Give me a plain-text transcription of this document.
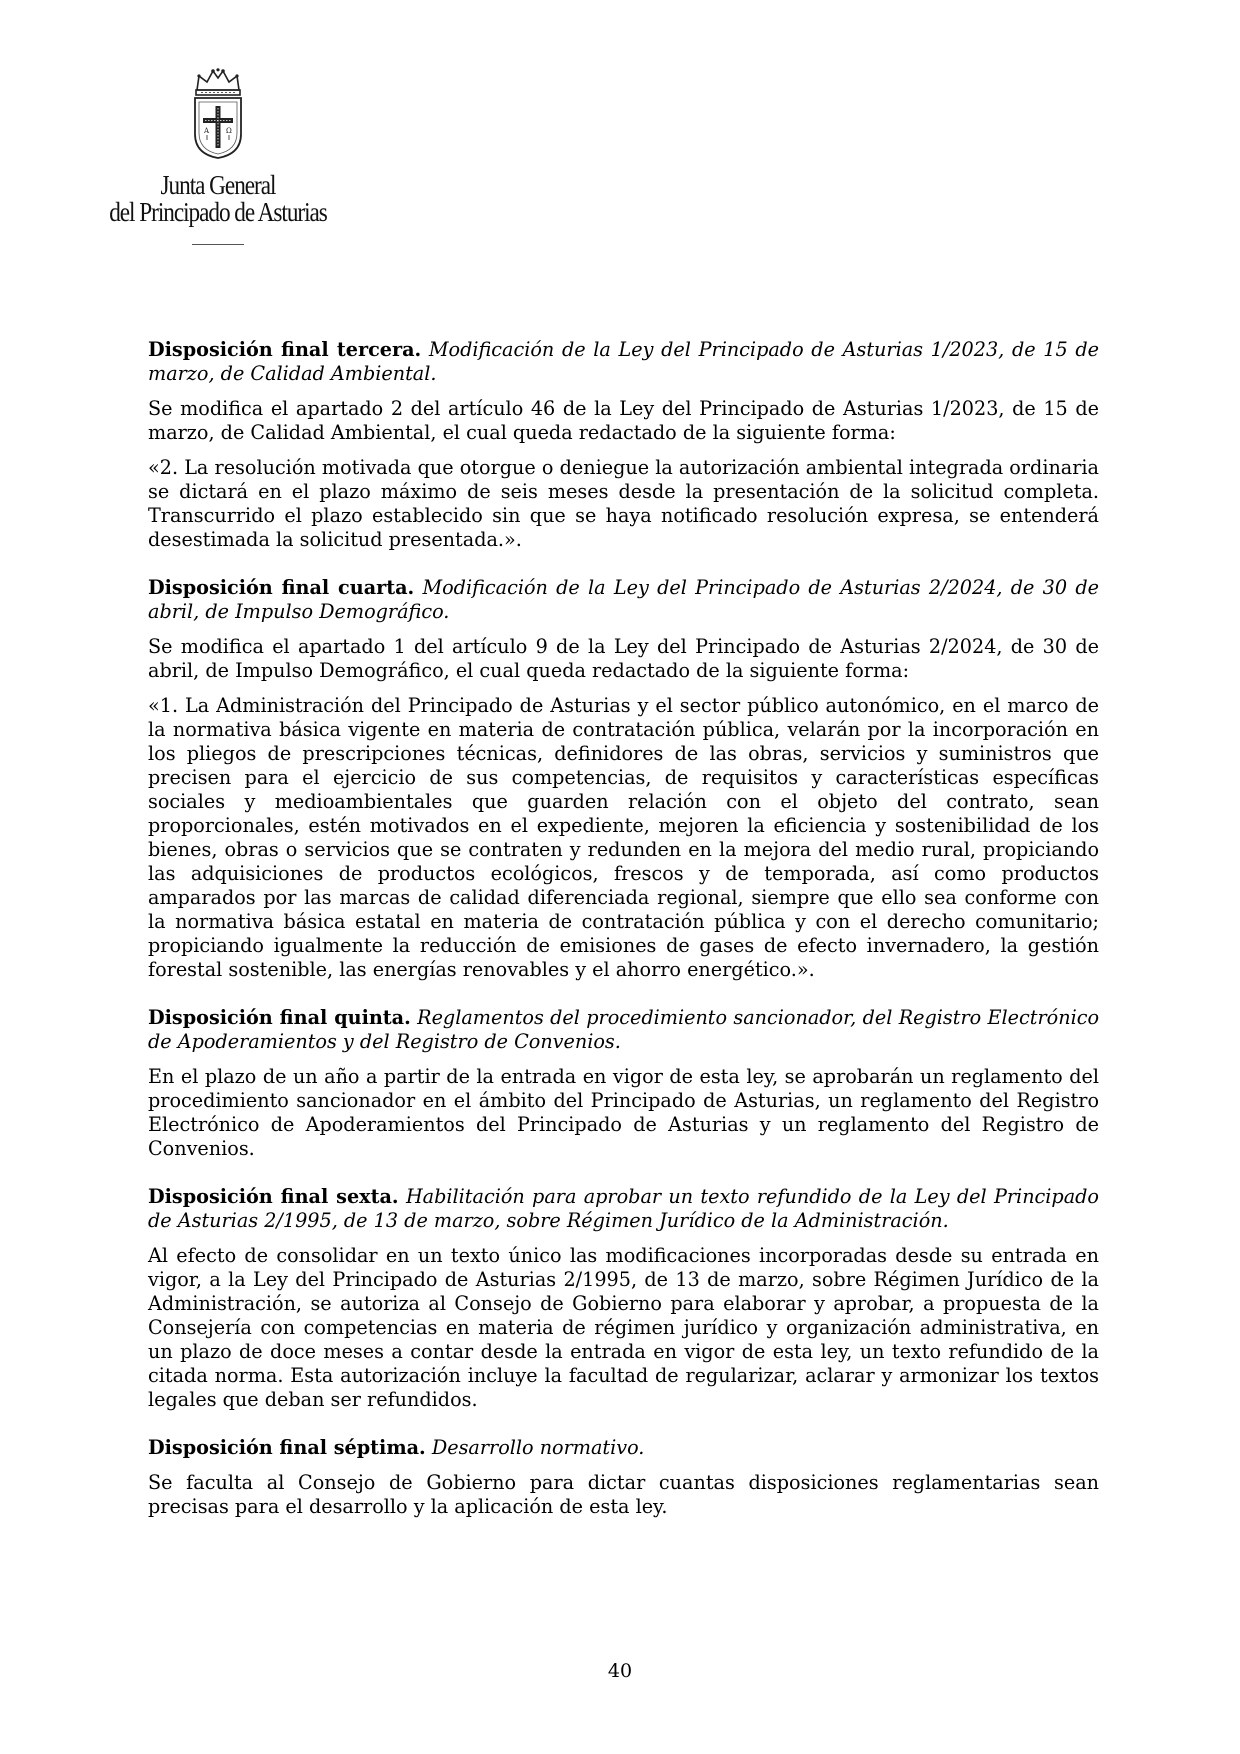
A Ω
Junta General
del Principado de Asturias

Disposición final tercera. Modificación de la Ley del Principado de Asturias 1/2023, de 15 de marzo, de Calidad Ambiental.

Se modifica el apartado 2 del artículo 46 de la Ley del Principado de Asturias 1/2023, de 15 de marzo, de Calidad Ambiental, el cual queda redactado de la siguiente forma:

«2. La resolución motivada que otorgue o deniegue la autorización ambiental integrada ordinaria se dictará en el plazo máximo de seis meses desde la presentación de la solicitud completa. Transcurrido el plazo establecido sin que se haya notificado resolución expresa, se entenderá desestimada la solicitud presentada.».

Disposición final cuarta. Modificación de la Ley del Principado de Asturias 2/2024, de 30 de abril, de Impulso Demográfico.

Se modifica el apartado 1 del artículo 9 de la Ley del Principado de Asturias 2/2024, de 30 de abril, de Impulso Demográfico, el cual queda redactado de la siguiente forma:

«1. La Administración del Principado de Asturias y el sector público autonómico, en el marco de la normativa básica vigente en materia de contratación pública, velarán por la incorporación en los pliegos de prescripciones técnicas, definidores de las obras, servicios y suministros que precisen para el ejercicio de sus competencias, de requisitos y características específicas sociales y medioambientales que guarden relación con el objeto del contrato, sean proporcionales, estén motivados en el expediente, mejoren la eficiencia y sostenibilidad de los bienes, obras o servicios que se contraten y redunden en la mejora del medio rural, propiciando las adquisiciones de productos ecológicos, frescos y de temporada, así como productos amparados por las marcas de calidad diferenciada regional, siempre que ello sea conforme con la normativa básica estatal en materia de contratación pública y con el derecho comunitario; propiciando igualmente la reducción de emisiones de gases de efecto invernadero, la gestión forestal sostenible, las energías renovables y el ahorro energético.».

Disposición final quinta. Reglamentos del procedimiento sancionador, del Registro Electrónico de Apoderamientos y del Registro de Convenios.

En el plazo de un año a partir de la entrada en vigor de esta ley, se aprobarán un reglamento del procedimiento sancionador en el ámbito del Principado de Asturias, un reglamento del Registro Electrónico de Apoderamientos del Principado de Asturias y un reglamento del Registro de Convenios.

Disposición final sexta. Habilitación para aprobar un texto refundido de la Ley del Principado de Asturias 2/1995, de 13 de marzo, sobre Régimen Jurídico de la Administración.

Al efecto de consolidar en un texto único las modificaciones incorporadas desde su entrada en vigor, a la Ley del Principado de Asturias 2/1995, de 13 de marzo, sobre Régimen Jurídico de la Administración, se autoriza al Consejo de Gobierno para elaborar y aprobar, a propuesta de la Consejería con competencias en materia de régimen jurídico y organización administrativa, en un plazo de doce meses a contar desde la entrada en vigor de esta ley, un texto refundido de la citada norma. Esta autorización incluye la facultad de regularizar, aclarar y armonizar los textos legales que deban ser refundidos.

Disposición final séptima. Desarrollo normativo.

Se faculta al Consejo de Gobierno para dictar cuantas disposiciones reglamentarias sean precisas para el desarrollo y la aplicación de esta ley.

40
